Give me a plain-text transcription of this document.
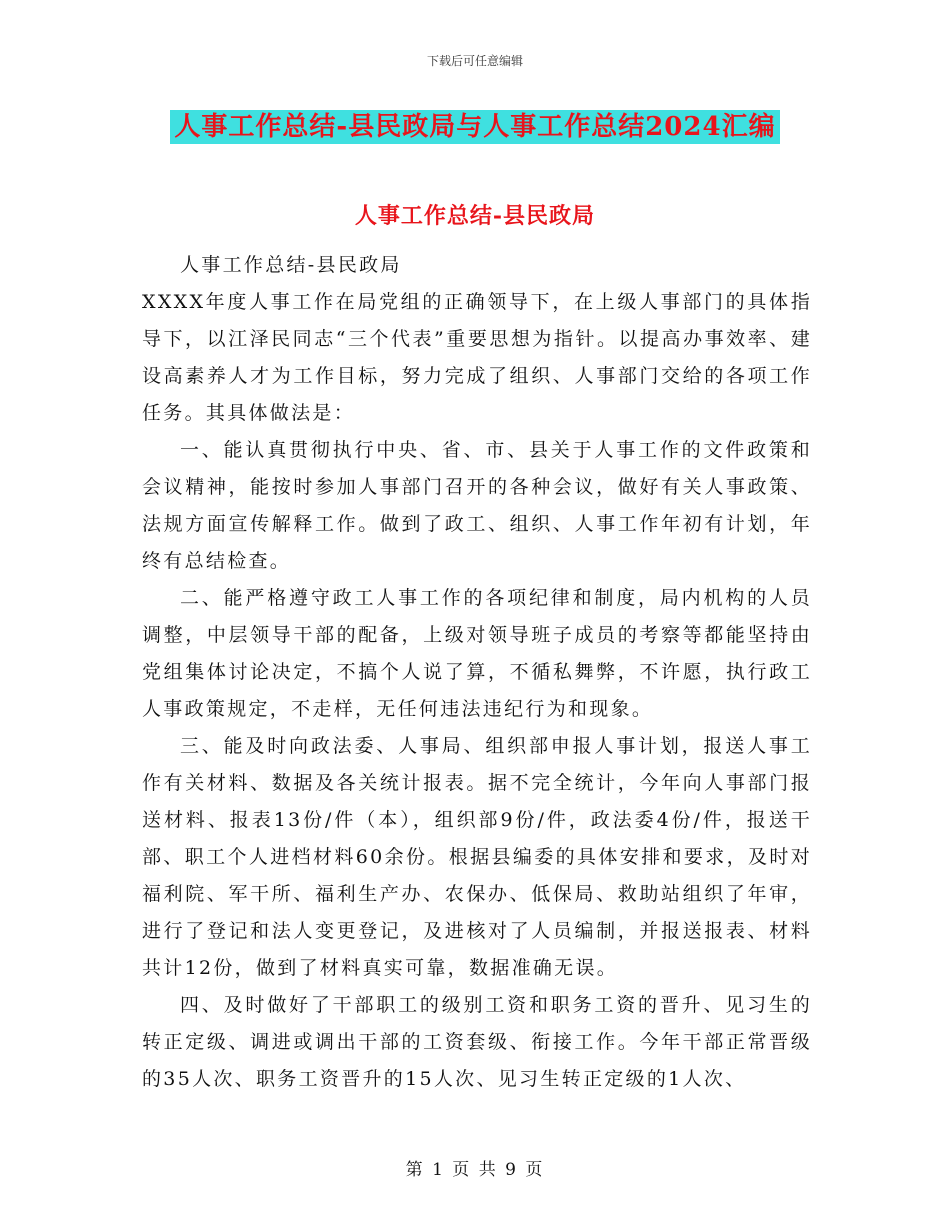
下载后可任意编辑
人事工作总结-县民政局与人事工作总结2024汇编
人事工作总结-县民政局

人事工作总结-县民政局

XXXX年度人事工作在局党组的正确领导下，在上级人事部门的具体指导下，以江泽民同志“三个代表”重要思想为指针。以提高办事效率、建设高素养人才为工作目标，努力完成了组织、人事部门交给的各项工作任务。其具体做法是：

一、能认真贯彻执行中央、省、市、县关于人事工作的文件政策和会议精神，能按时参加人事部门召开的各种会议，做好有关人事政策、法规方面宣传解释工作。做到了政工、组织、人事工作年初有计划，年终有总结检查。

二、能严格遵守政工人事工作的各项纪律和制度，局内机构的人员调整，中层领导干部的配备，上级对领导班子成员的考察等都能坚持由党组集体讨论决定，不搞个人说了算，不循私舞弊，不许愿，执行政工人事政策规定，不走样，无任何违法违纪行为和现象。

三、能及时向政法委、人事局、组织部申报人事计划，报送人事工作有关材料、数据及各关统计报表。据不完全统计，今年向人事部门报送材料、报表13份/件（本），组织部9份/件，政法委4份/件，报送干部、职工个人进档材料60余份。根据县编委的具体安排和要求，及时对福利院、军干所、福利生产办、农保办、低保局、救助站组织了年审，进行了登记和法人变更登记，及进核对了人员编制，并报送报表、材料共计12份，做到了材料真实可靠，数据准确无误。

四、及时做好了干部职工的级别工资和职务工资的晋升、见习生的转正定级、调进或调出干部的工资套级、衔接工作。今年干部正常晋级的35人次、职务工资晋升的15人次、见习生转正定级的1人次、

第 1 页 共 9 页
